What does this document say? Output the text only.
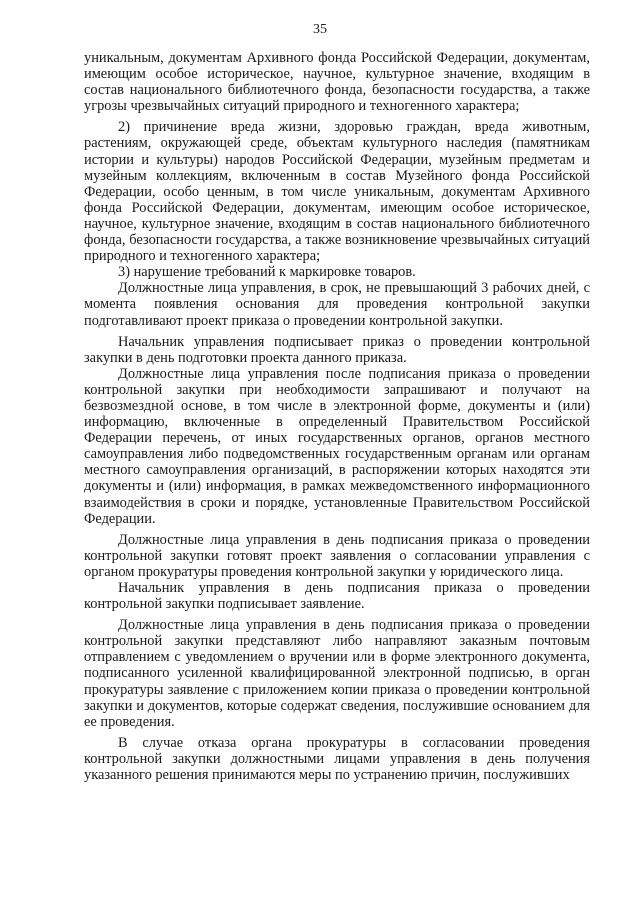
35

уникальным, документам Архивного фонда Российской Федерации, документам, имеющим особое историческое, научное, культурное значение, входящим в состав национального библиотечного фонда, безопасности государства, а также угрозы чрезвычайных ситуаций природного и техногенного характера;

2) причинение вреда жизни, здоровью граждан, вреда животным, растениям, окружающей среде, объектам культурного наследия (памятникам истории и культуры) народов Российской Федерации, музейным предметам и музейным коллекциям, включенным в состав Музейного фонда Российской Федерации, особо ценным, в том числе уникальным, документам Архивного фонда Российской Федерации, документам, имеющим особое историческое, научное, культурное значение, входящим в состав национального библиотечного фонда, безопасности государства, а также возникновение чрезвычайных ситуаций природного и техногенного характера;

3) нарушение требований к маркировке товаров.

Должностные лица управления, в срок, не превышающий 3 рабочих дней, с момента появления основания для проведения контрольной закупки подготавливают проект приказа о проведении контрольной закупки.

Начальник управления подписывает приказ о проведении контрольной закупки в день подготовки проекта данного приказа.

Должностные лица управления после подписания приказа о проведении контрольной закупки при необходимости запрашивают и получают на безвозмездной основе, в том числе в электронной форме, документы и (или) информацию, включенные в определенный Правительством Российской Федерации перечень, от иных государственных органов, органов местного самоуправления либо подведомственных государственным органам или органам местного самоуправления организаций, в распоряжении которых находятся эти документы и (или) информация, в рамках межведомственного информационного взаимодействия в сроки и порядке, установленные Правительством Российской Федерации.

Должностные лица управления в день подписания приказа о проведении контрольной закупки готовят проект заявления о согласовании управления с органом прокуратуры проведения контрольной закупки у юридического лица.

Начальник управления в день подписания приказа о проведении контрольной закупки подписывает заявление.

Должностные лица управления в день подписания приказа о проведении контрольной закупки представляют либо направляют заказным почтовым отправлением с уведомлением о вручении или в форме электронного документа, подписанного усиленной квалифицированной электронной подписью, в орган прокуратуры заявление с приложением копии приказа о проведении контрольной закупки и документов, которые содержат сведения, послужившие основанием для ее проведения.

В случае отказа органа прокуратуры в согласовании проведения контрольной закупки должностными лицами управления в день получения указанного решения принимаются меры по устранению причин, послуживших
